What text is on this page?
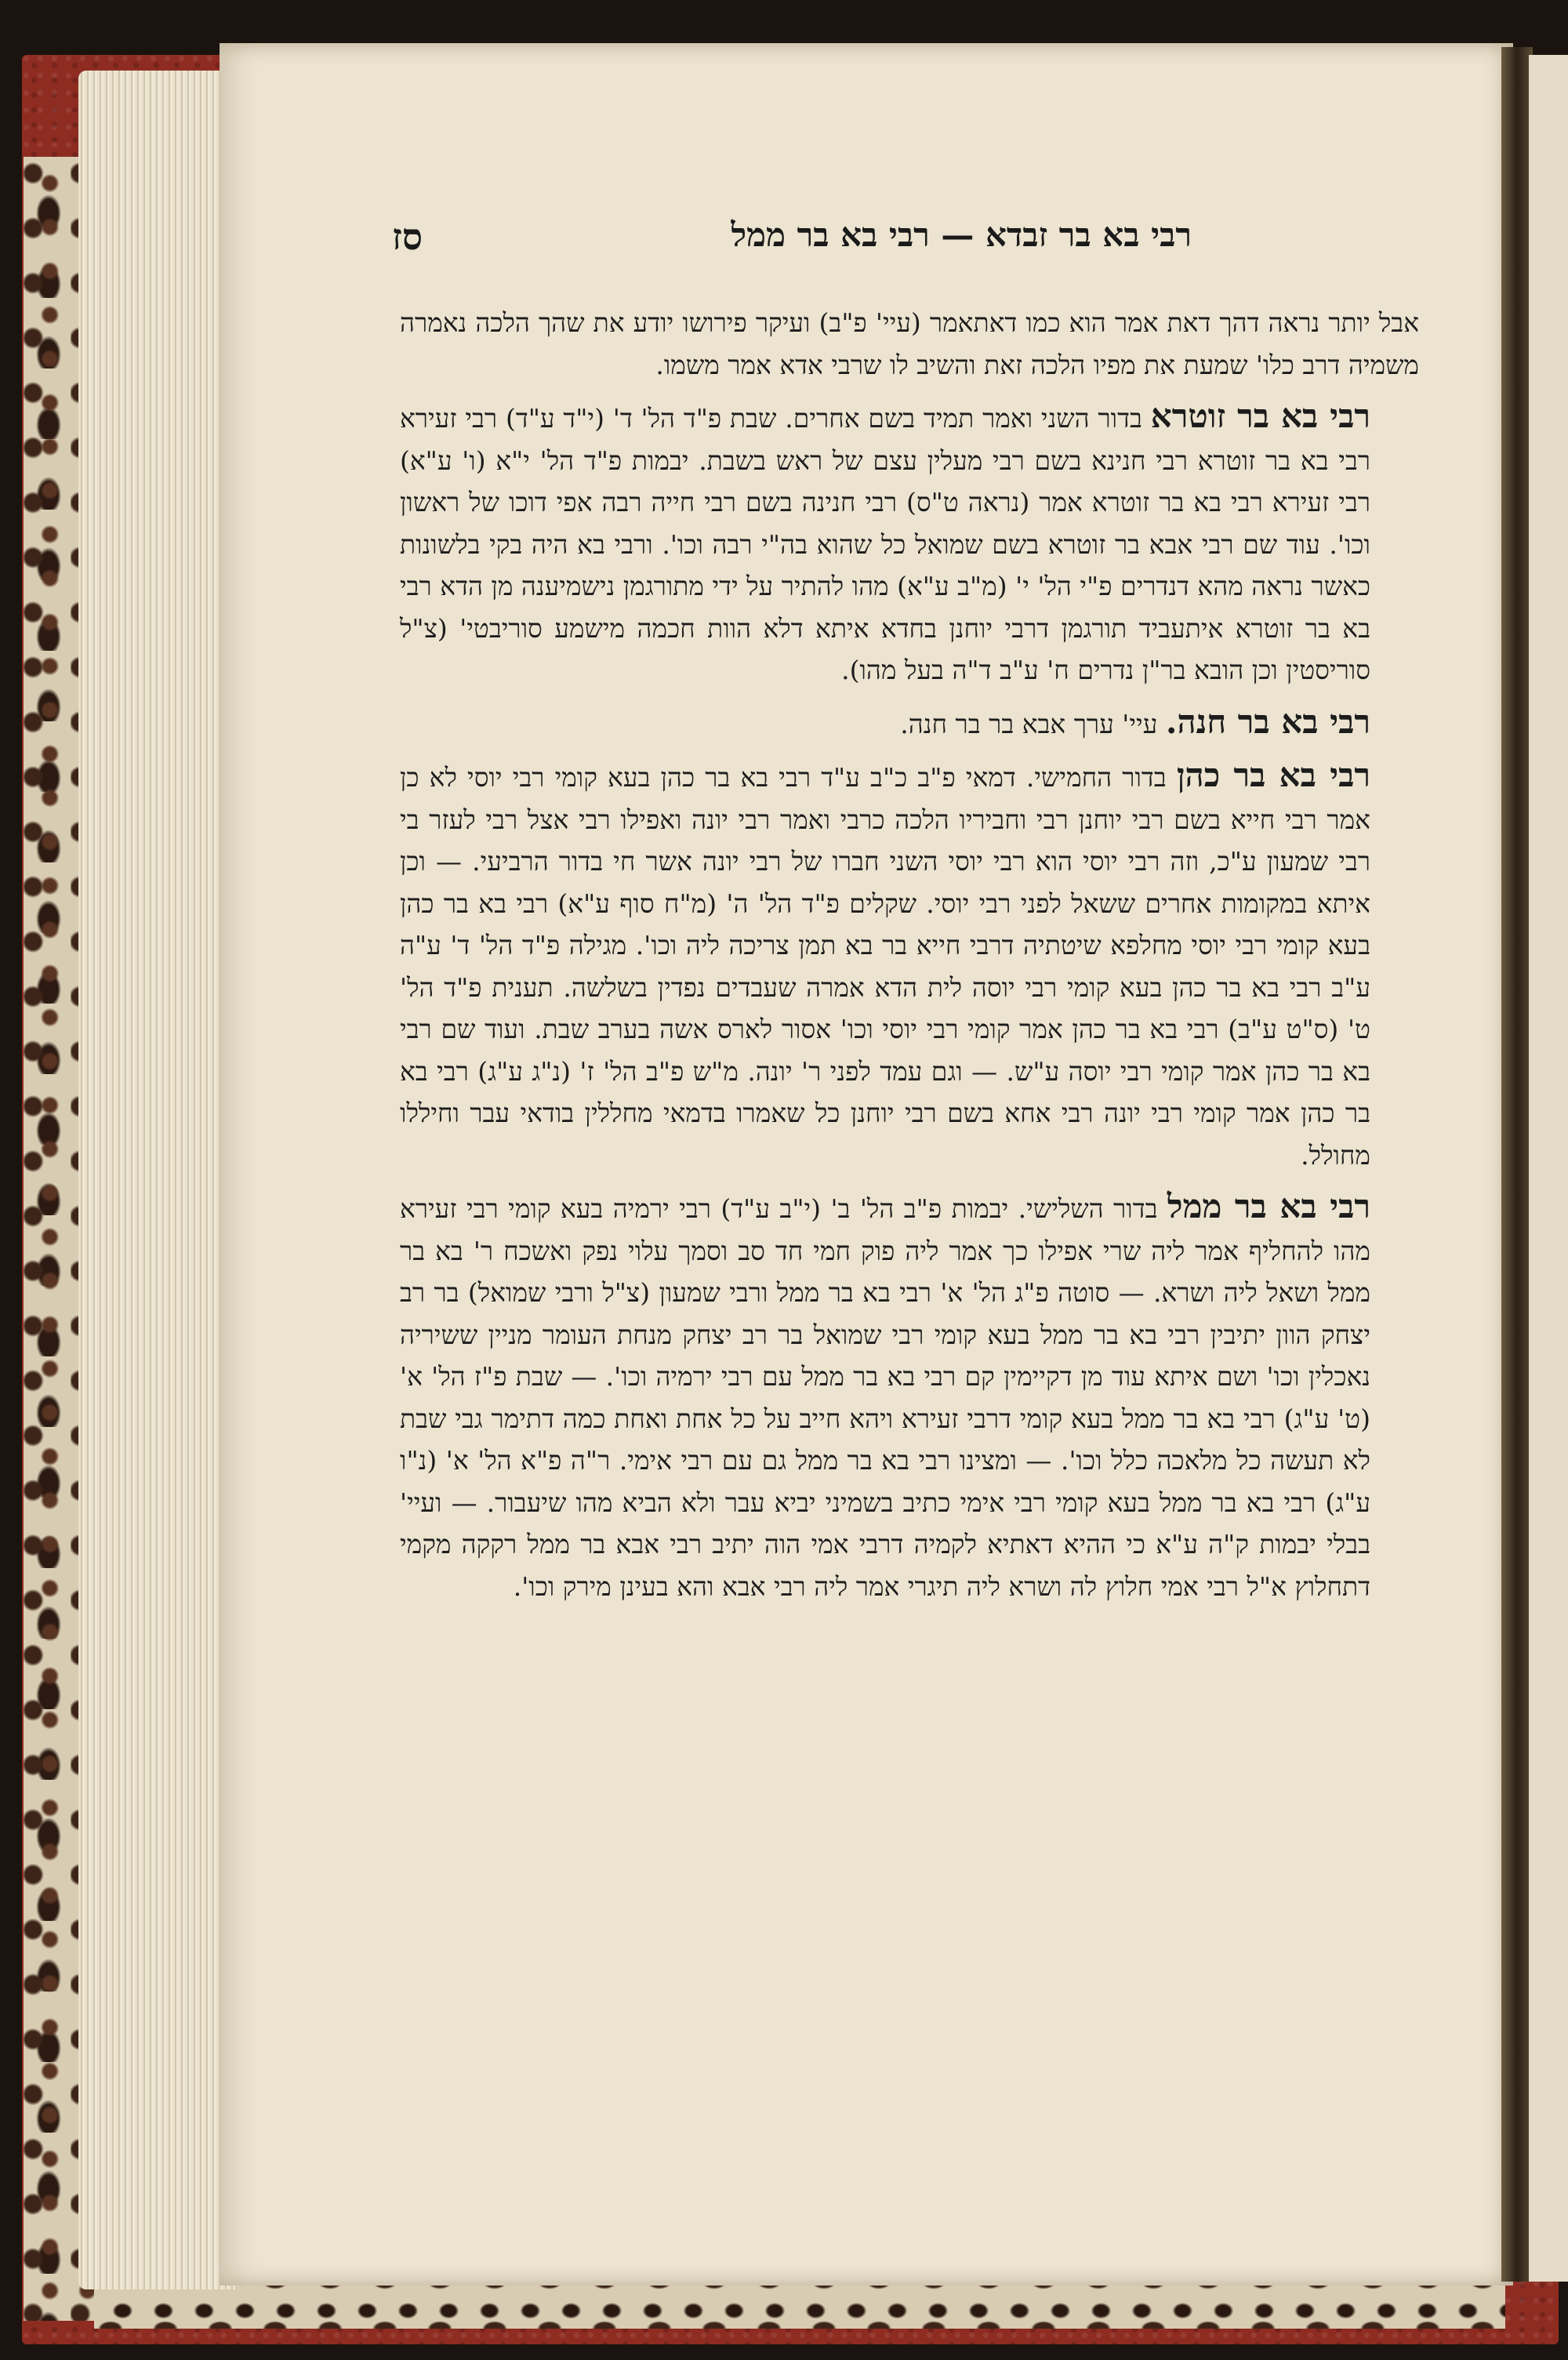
סז	רבי בא בר זבדא — רבי בא בר ממל

אבל יותר נראה דהך דאת אמר הוא כמו דאתאמר (עיי' פ"ב) ועיקר פירושו יודע את שהך הלכה נאמרה משמיה דרב כלו' שמעת את מפיו הלכה זאת והשיב לו שרבי אדא אמר משמו.

רבי בא בר זוטרא בדור השני ואמר תמיד בשם אחרים. שבת פ"ד הל' ד' (י"ד ע"ד) רבי זעירא רבי בא בר זוטרא רבי חנינא בשם רבי מעלין עצם של ראש בשבת. יבמות פ"ד הל' י"א (ו' ע"א) רבי זעירא רבי בא בר זוטרא אמר (נראה ט"ס) רבי חנינה בשם רבי חייה רבה אפי דוכו של ראשון וכו'. עוד שם רבי אבא בר זוטרא בשם שמואל כל שהוא בה"י רבה וכו'. ורבי בא היה בקי בלשונות כאשר נראה מהא דנדרים פ"י הל' י' (מ"ב ע"א) מהו להתיר על ידי מתורגמן נישמיענה מן הדא רבי בא בר זוטרא איתעביד תורגמן דרבי יוחנן בחדא איתא דלא הוות חכמה מישמע סוריבטי' (צ"ל סוריסטין וכן הובא בר"ן נדרים ח' ע"ב ד"ה בעל מהו).

רבי בא בר חנה. עיי' ערך אבא בר בר חנה.

רבי בא בר כהן בדור החמישי. דמאי פ"ב כ"ב ע"ד רבי בא בר כהן בעא קומי רבי יוסי לא כן אמר רבי חייא בשם רבי יוחנן רבי וחביריו הלכה כרבי ואמר רבי יונה ואפילו רבי אצל רבי לעזר בי רבי שמעון ע"כ, וזה רבי יוסי הוא רבי יוסי השני חברו של רבי יונה אשר חי בדור הרביעי. — וכן איתא במקומות אחרים ששאל לפני רבי יוסי. שקלים פ"ד הל' ה' (מ"ח סוף ע"א) רבי בא בר כהן בעא קומי רבי יוסי מחלפא שיטתיה דרבי חייא בר בא תמן צריכה ליה וכו'. מגילה פ"ד הל' ד' ע"ה ע"ב רבי בא בר כהן בעא קומי רבי יוסה לית הדא אמרה שעבדים נפדין בשלשה. תענית פ"ד הל' ט' (ס"ט ע"ב) רבי בא בר כהן אמר קומי רבי יוסי וכו' אסור לארס אשה בערב שבת. ועוד שם רבי בא בר כהן אמר קומי רבי יוסה ע"ש. — וגם עמד לפני ר' יונה. מ"ש פ"ב הל' ז' (נ"ג ע"ג) רבי בא בר כהן אמר קומי רבי יונה רבי אחא בשם רבי יוחנן כל שאמרו בדמאי מחללין בודאי עבר וחיללו מחולל.

רבי בא בר ממל בדור השלישי. יבמות פ"ב הל' ב' (י"ב ע"ד) רבי ירמיה בעא קומי רבי זעירא מהו להחליף אמר ליה שרי אפילו כך אמר ליה פוק חמי חד סב וסמך עלוי נפק ואשכח ר' בא בר ממל ושאל ליה ושרא. — סוטה פ"ג הל' א' רבי בא בר ממל ורבי שמעון (צ"ל ורבי שמואל) בר רב יצחק הוון יתיבין רבי בא בר ממל בעא קומי רבי שמואל בר רב יצחק מנחת העומר מניין ששיריה נאכלין וכו' ושם איתא עוד מן דקיימין קם רבי בא בר ממל עם רבי ירמיה וכו'. — שבת פ"ז הל' א' (ט' ע"ג) רבי בא בר ממל בעא קומי דרבי זעירא ויהא חייב על כל אחת ואחת כמה דתימר גבי שבת לא תעשה כל מלאכה כלל וכו'. — ומצינו רבי בא בר ממל גם עם רבי אימי. ר"ה פ"א הל' א' (נ"ו ע"ג) רבי בא בר ממל בעא קומי רבי אימי כתיב בשמיני יביא עבר ולא הביא מהו שיעבור. — ועיי' בבלי יבמות ק"ה ע"א כי ההיא דאתיא לקמיה דרבי אמי הוה יתיב רבי אבא בר ממל רקקה מקמי דתחלוץ א"ל רבי אמי חלוץ לה ושרא ליה תיגרי אמר ליה רבי אבא והא בעינן מירק וכו'.
